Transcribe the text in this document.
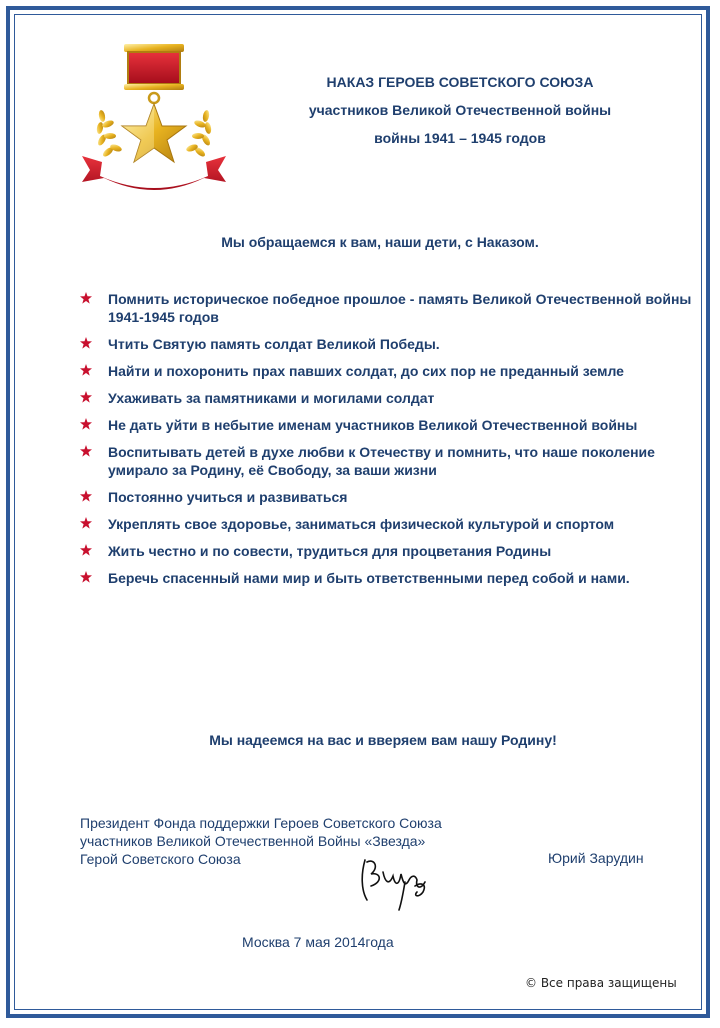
Фонд «Звезда»
НАКАЗ ГЕРОЕВ СОВЕТСКОГО СОЮЗА
участников Великой Отечественной войны
войны 1941 – 1945 годов
Мы обращаемся к вам, наши дети, с Наказом.
Помнить историческое победное прошлое - память Великой Отечественной войны 1941-1945 годов
Чтить Святую память солдат Великой Победы.
Найти и похоронить прах павших солдат, до сих пор не преданный земле
Ухаживать за памятниками и могилами солдат
Не дать уйти в небытие именам участников Великой Отечественной войны
Воспитывать детей в духе любви к Отечеству и помнить, что наше поколение умирало за Родину, её Свободу, за ваши жизни
Постоянно учиться и развиваться
Укреплять свое здоровье, заниматься физической культурой и спортом
Жить честно и по совести, трудиться для процветания Родины
Беречь спасенный нами мир и быть ответственными перед собой и нами.
Мы надеемся на вас и вверяем вам нашу Родину!
Президент Фонда поддержки Героев Советского Союза
участников Великой Отечественной Войны «Звезда»
Герой Советского Союза	Юрий Зарудин
Москва 7 мая 2014года
© Все права защищены
